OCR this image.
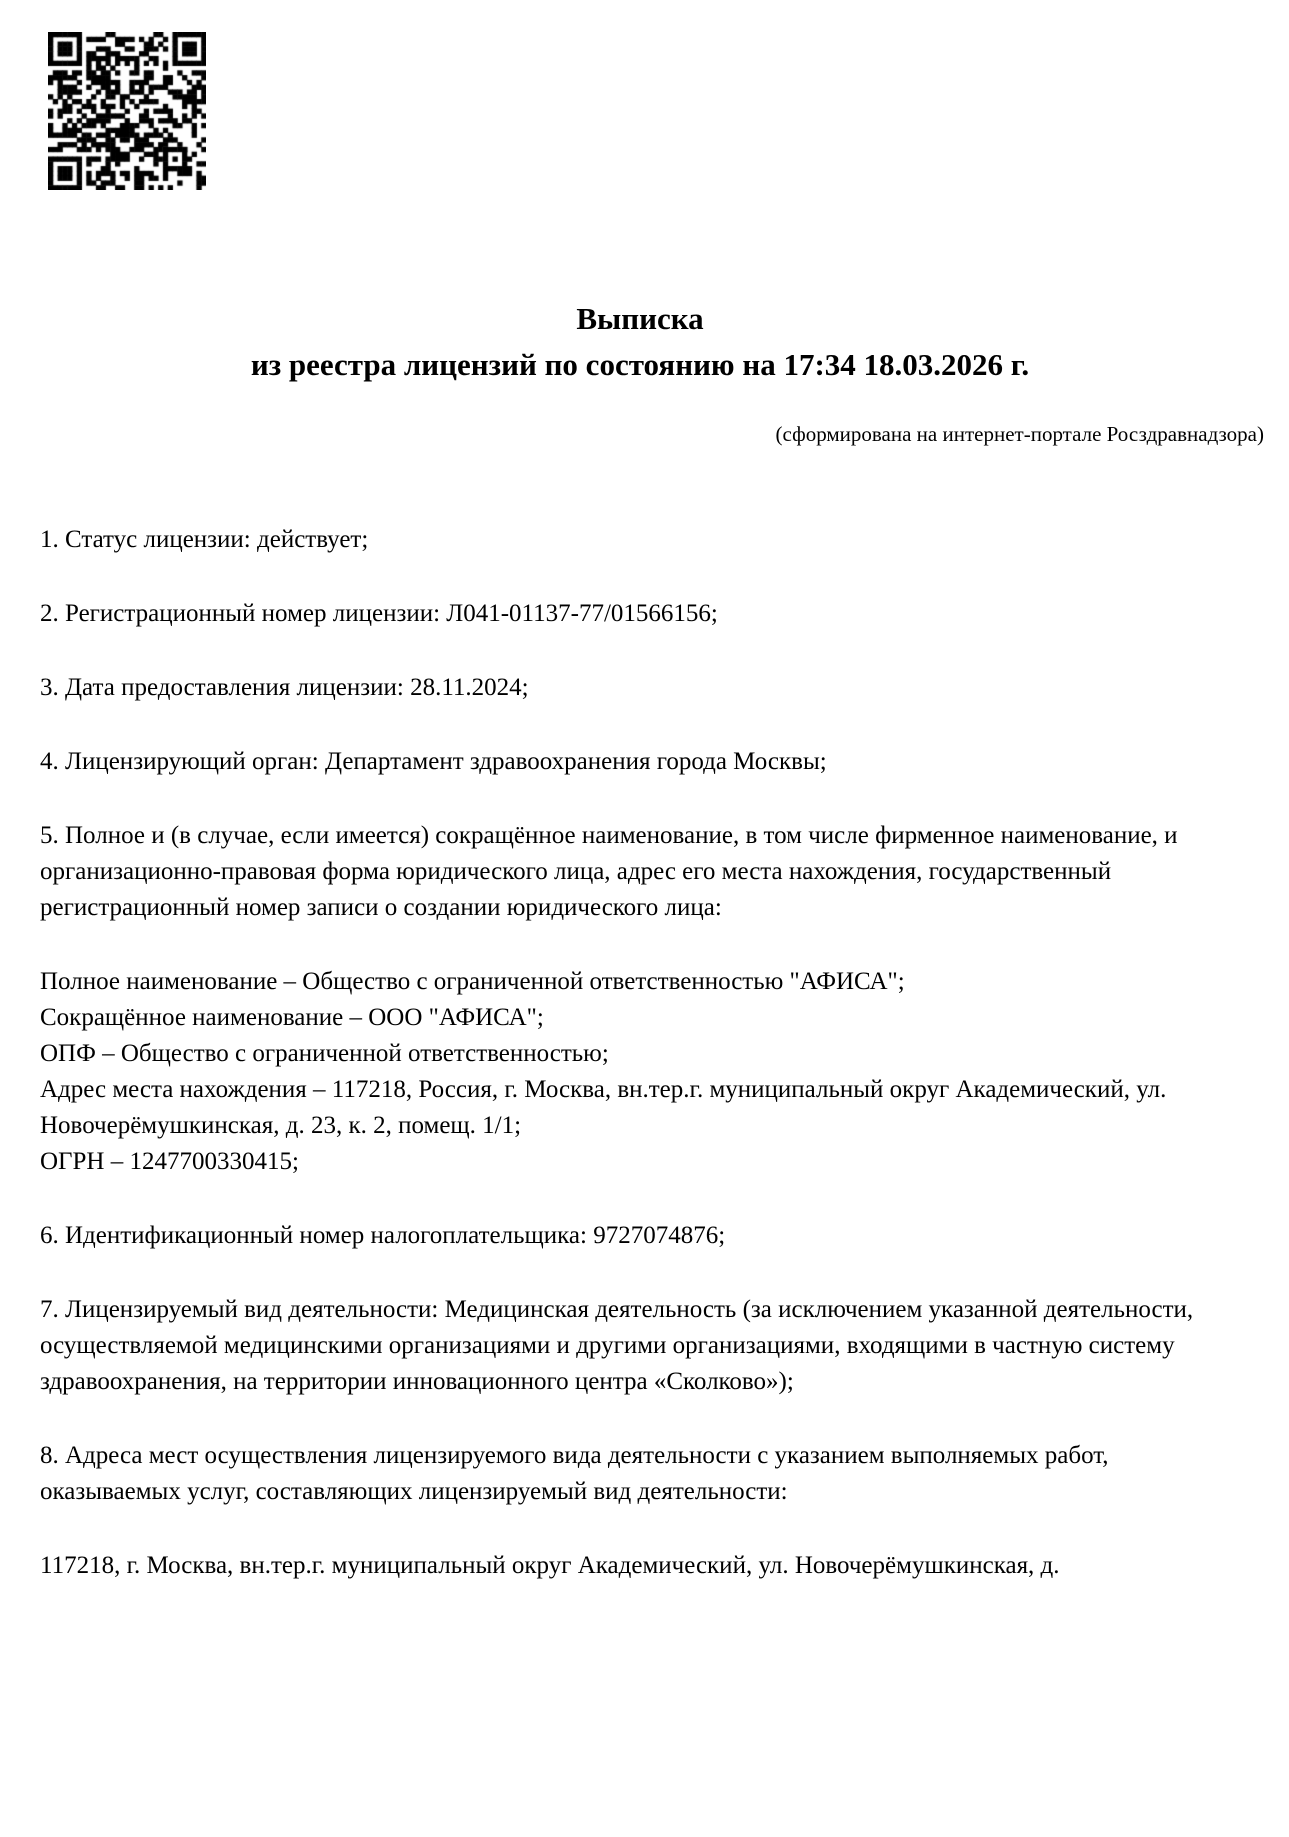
Выписка
из реестра лицензий по состоянию на 17:34 18.03.2026 г.
(сформирована на интернет-портале Росздравнадзора)

1. Статус лицензии: действует;

2. Регистрационный номер лицензии: Л041-01137-77/01566156;

3. Дата предоставления лицензии: 28.11.2024;

4. Лицензирующий орган: Департамент здравоохранения города Москвы;

5. Полное и (в случае, если имеется) сокращённое наименование, в том числе фирменное наименование, и организационно-правовая форма юридического лица, адрес его места нахождения, государственный регистрационный номер записи о создании юридического лица:

Полное наименование – Общество с ограниченной ответственностью "АФИСА";

Сокращённое наименование – ООО "АФИСА";

ОПФ – Общество с ограниченной ответственностью;

Адрес места нахождения – 117218, Россия, г. Москва, вн.тер.г. муниципальный округ Академический, ул. Новочерёмушкинская, д. 23, к. 2, помещ. 1/1;

ОГРН – 1247700330415;

6. Идентификационный номер налогоплательщика: 9727074876;

7. Лицензируемый вид деятельности: Медицинская деятельность (за исключением указанной деятельности, осуществляемой медицинскими организациями и другими организациями, входящими в частную систему здравоохранения, на территории инновационного центра «Сколково»);

8. Адреса мест осуществления лицензируемого вида деятельности с указанием выполняемых работ, оказываемых услуг, составляющих лицензируемый вид деятельности:

117218, г. Москва, вн.тер.г. муниципальный округ Академический, ул. Новочерёмушкинская, д.
